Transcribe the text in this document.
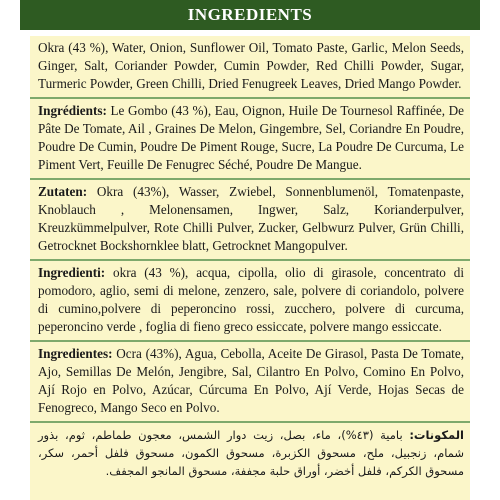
INGREDIENTS
Okra (43 %), Water, Onion, Sunflower Oil, Tomato Paste, Garlic, Melon Seeds, Ginger, Salt, Coriander Powder, Cumin Powder, Red Chilli Powder, Sugar, Turmeric Powder, Green Chilli, Dried Fenugreek Leaves, Dried Mango Powder.
Ingrédients: Le Gombo (43 %), Eau, Oignon, Huile De Tournesol Raffinée, De Pâte De Tomate, Ail , Graines De Melon, Gingembre, Sel, Coriandre En Poudre, Poudre De Cumin, Poudre De Piment Rouge, Sucre, La Poudre De Curcuma, Le Piment Vert, Feuille De Fenugrec Séché, Poudre De Mangue.
Zutaten: Okra (43%), Wasser, Zwiebel, Sonnenblumenöl, Tomatenpaste, Knoblauch , Melonensamen, Ingwer, Salz, Korianderpulver, Kreuzkümmelpulver, Rote Chilli Pulver, Zucker, Gelbwurz Pulver, Grün Chilli, Getrocknet Bockshornklee blatt, Getrocknet Mangopulver.
Ingredienti: okra (43 %), acqua, cipolla, olio di girasole, concentrato di pomodoro, aglio, semi di melone, zenzero, sale, polvere di coriandolo, polvere di cumino,polvere di peperoncino rossi, zucchero, polvere di curcuma, peperoncino verde , foglia di fieno greco essiccate, polvere mango essiccate.
Ingredientes: Ocra (43%), Agua, Cebolla, Aceite De Girasol, Pasta De Tomate, Ajo, Semillas De Melón, Jengibre, Sal, Cilantro En Polvo, Comino En Polvo, Ají Rojo en Polvo, Azúcar, Cúrcuma En Polvo, Ají Verde, Hojas Secas de Fenogreco, Mango Seco en Polvo.
المكونات: بامية (٤٣%)، ماء، بصل، زيت دوار الشمس، معجون طماطم، ثوم، بذور شمام، زنجبيل، ملح، مسحوق الكزبرة، مسحوق الكمون، مسحوق فلفل أحمر، سكر، مسحوق الكركم، فلفل أخضر، أوراق حلبة مجففة، مسحوق المانجو المجفف.
